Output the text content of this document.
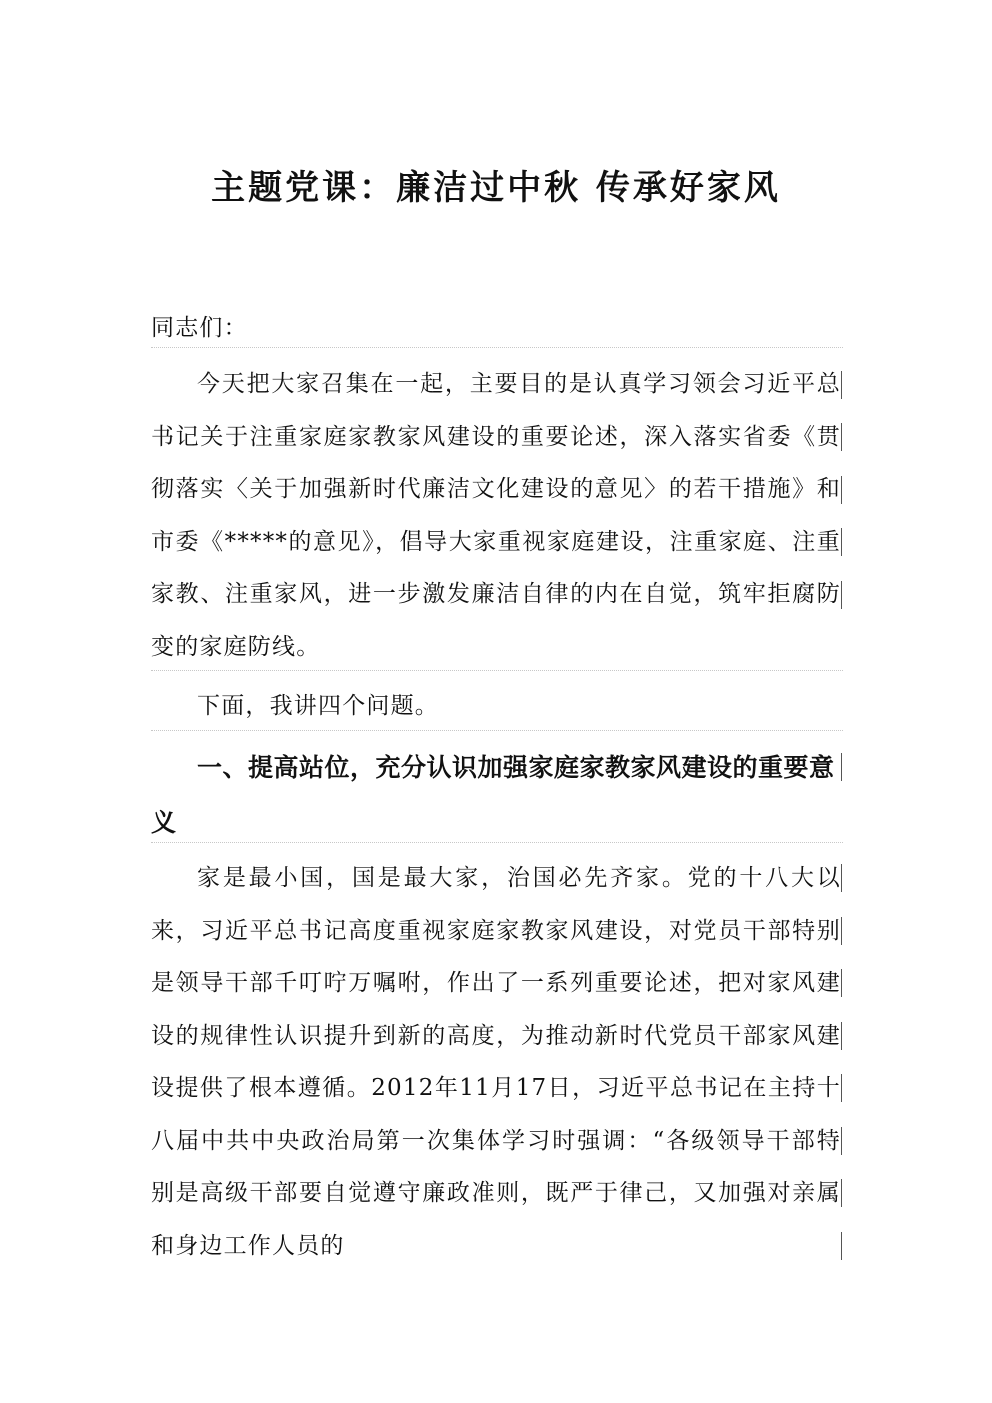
主题党课：廉洁过中秋 传承好家风
同志们：
今天把大家召集在一起，主要目的是认真学习领会习近平总书记关于注重家庭家教家风建设的重要论述，深入落实省委《贯彻落实〈关于加强新时代廉洁文化建设的意见〉的若干措施》和市委《*****的意见》，倡导大家重视家庭建设，注重家庭、注重家教、注重家风，进一步激发廉洁自律的内在自觉，筑牢拒腐防变的家庭防线。
下面，我讲四个问题。
一、提高站位，充分认识加强家庭家教家风建设的重要意义
家是最小国，国是最大家，治国必先齐家。党的十八大以来，习近平总书记高度重视家庭家教家风建设，对党员干部特别是领导干部千叮咛万嘱咐，作出了一系列重要论述，把对家风建设的规律性认识提升到新的高度，为推动新时代党员干部家风建设提供了根本遵循。2012年11月17日，习近平总书记在主持十八届中共中央政治局第一次集体学习时强调：“各级领导干部特别是高级干部要自觉遵守廉政准则，既严于律己，又加强对亲属和身边工作人员的
